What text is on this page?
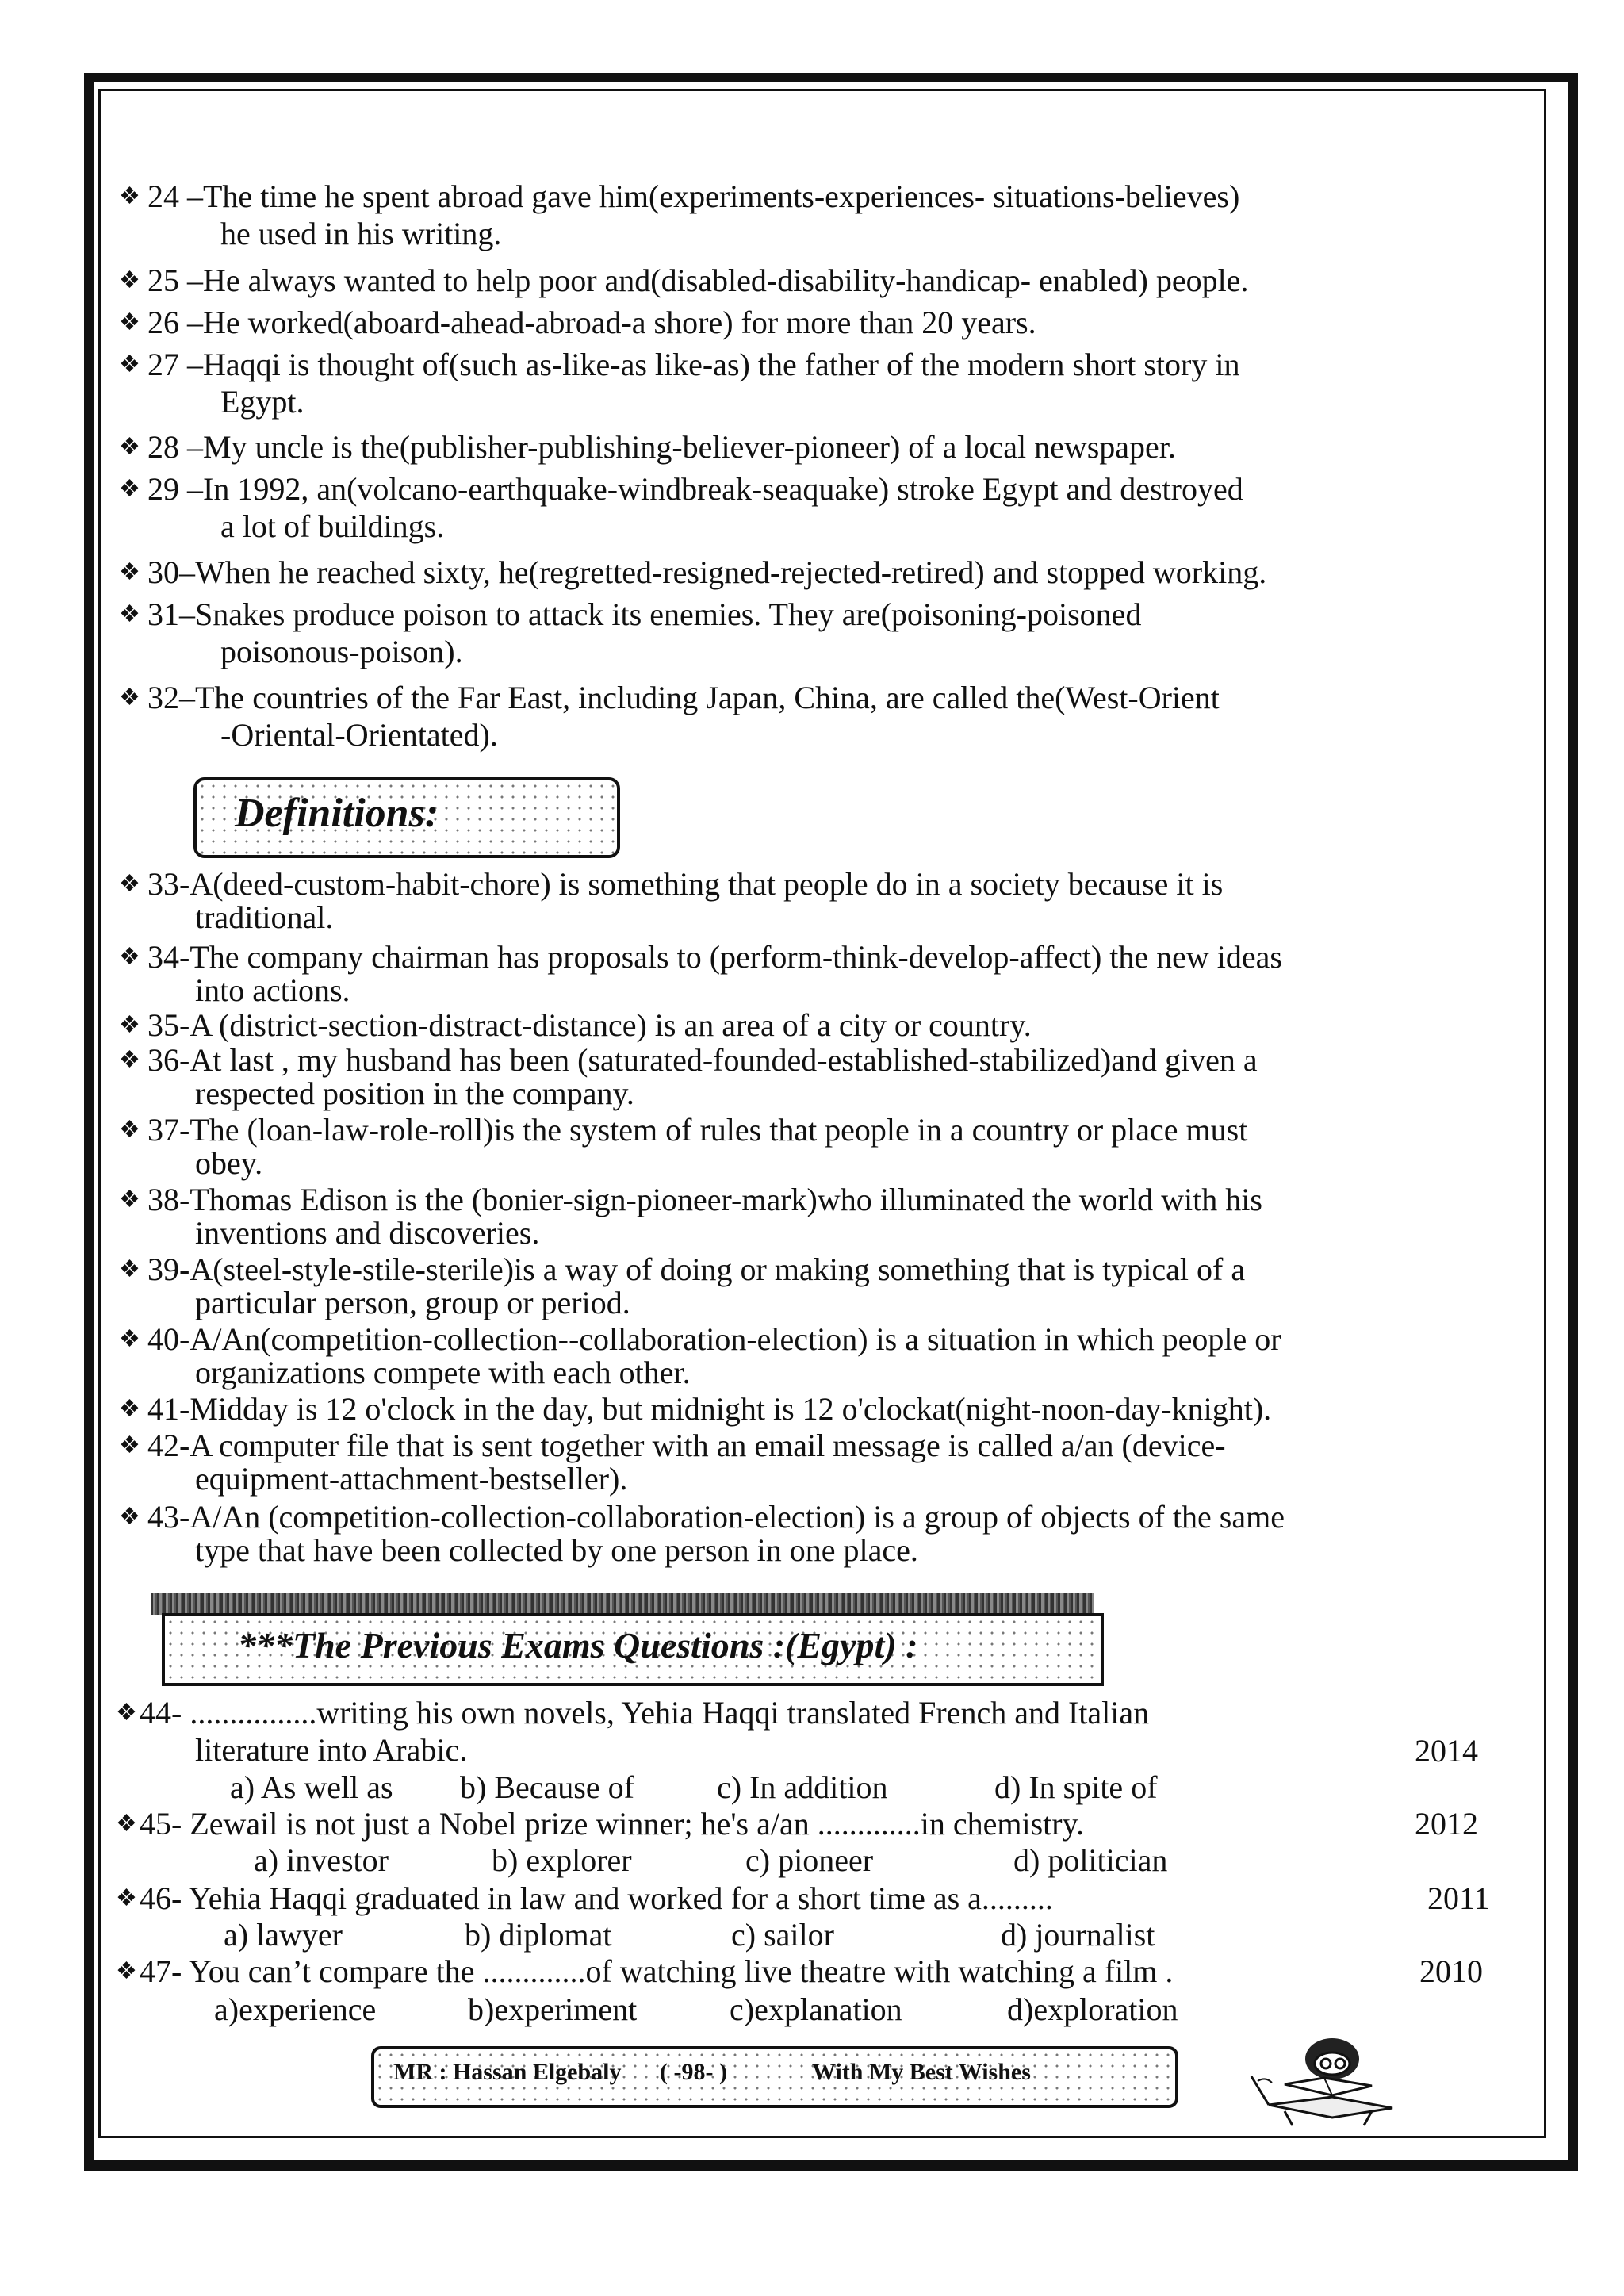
❖ 24 –The time he spent abroad gave him(experiments-experiences- situations-believes)
he used in his writing.
❖ 25 –He always wanted to help poor and(disabled-disability-handicap- enabled) people.
❖ 26 –He worked(aboard-ahead-abroad-a shore) for more than 20 years.
❖ 27 –Haqqi is thought of(such as-like-as like-as) the father of the modern short story in
Egypt.
❖ 28 –My uncle is the(publisher-publishing-believer-pioneer) of a local newspaper.
❖ 29 –In 1992, an(volcano-earthquake-windbreak-seaquake) stroke Egypt and destroyed
a lot of buildings.
❖ 30–When he reached sixty, he(regretted-resigned-rejected-retired) and stopped working.
❖ 31–Snakes produce poison to attack its enemies. They are(poisoning-poisoned
poisonous-poison).
❖ 32–The countries of the Far East, including Japan, China, are called the(West-Orient
-Oriental-Orientated).
Definitions:
❖ 33-A(deed-custom-habit-chore) is something that people do in a society because it is
traditional.
❖ 34-The company chairman has proposals to (perform-think-develop-affect) the new ideas
into actions.
❖ 35-A (district-section-distract-distance) is an area of a city or country.
❖ 36-At last , my husband has been (saturated-founded-established-stabilized)and given a
respected position in the company.
❖ 37-The (loan-law-role-roll)is the system of rules that people in a country or place must
obey.
❖ 38-Thomas Edison is the (bonier-sign-pioneer-mark)who illuminated the world with his
inventions and discoveries.
❖ 39-A(steel-style-stile-sterile)is a way of doing or making something that is typical of a
particular person, group or period.
❖ 40-A/An(competition-collection--collaboration-election) is a situation in which people or
organizations compete with each other.
❖ 41-Midday is 12 o'clock in the day, but midnight is 12 o'clockat(night-noon-day-knight).
❖ 42-A computer file that is sent together with an email message is called a/an (device-
equipment-attachment-bestseller).
❖ 43-A/An (competition-collection-collaboration-election) is a group of objects of the same
type that have been collected by one person in one place.
***The Previous Exams Questions :(Egypt) :
❖44- ................writing his own novels, Yehia Haqqi translated French and Italian
literature into Arabic.	2014
a) As well as b) Because of	c) In addition	d) In spite of
❖45- Zewail is not just a Nobel prize winner; he's a/an .............in chemistry.	2012
a) investor	b) explorer	c) pioneer	d) politician
❖46- Yehia Haqqi graduated in law and worked for a short time as a.........	2011
a) lawyer	b) diplomat	c) sailor	d) journalist
❖47- You can’t compare the .............of watching live theatre with watching a film .	2010
a)experience	b)experiment	c)explanation	d)exploration
MR : Hassan Elgebaly ( -98- )	With My Best Wishes
